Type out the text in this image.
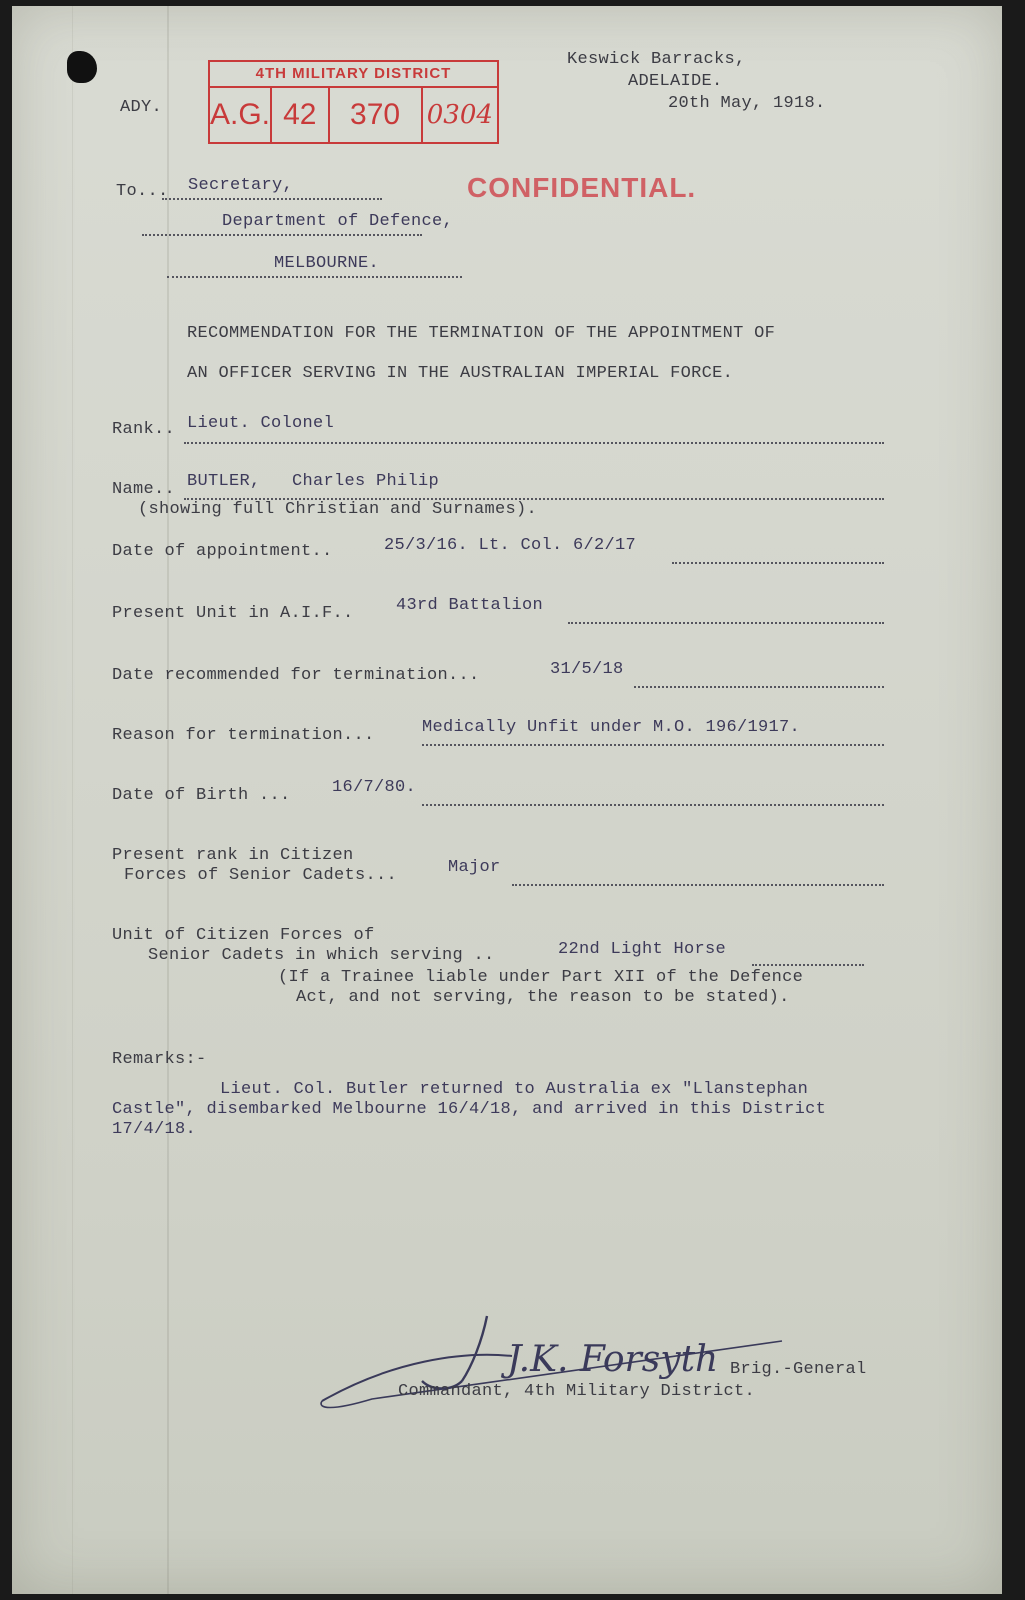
Keswick Barracks,
ADELAIDE.
20th May, 1918.
ADY.
4TH MILITARY DISTRICT
A.G. 42	370	0304
CONFIDENTIAL.
To... Secretary,
Department of Defence,
MELBOURNE.
RECOMMENDATION FOR THE TERMINATION OF THE APPOINTMENT OF
AN OFFICER SERVING IN THE AUSTRALIAN IMPERIAL FORCE.
Rank.. Lieut. Colonel
Name.. BUTLER,   Charles Philip
(showing full Christian and Surnames).
Date of appointment..	25/3/16. Lt. Col. 6/2/17
Present Unit in A.I.F.. 43rd Battalion
Date recommended for termination...	31/5/18
Reason for termination...	Medically Unfit under M.O. 196/1917.
Date of Birth ... 16/7/80.
Present rank in Citizen
Forces of Senior Cadets...	Major
Unit of Citizen Forces of
Senior Cadets in which serving ..	22nd Light Horse
(If a Trainee liable under Part XII of the Defence
Act, and not serving, the reason to be stated).
Remarks:-
Lieut. Col. Butler returned to Australia ex "Llanstephan
Castle", disembarked Melbourne 16/4/18, and arrived in this District
17/4/18.
J.K. Forsyth Brig.-General
Commandant, 4th Military District.
